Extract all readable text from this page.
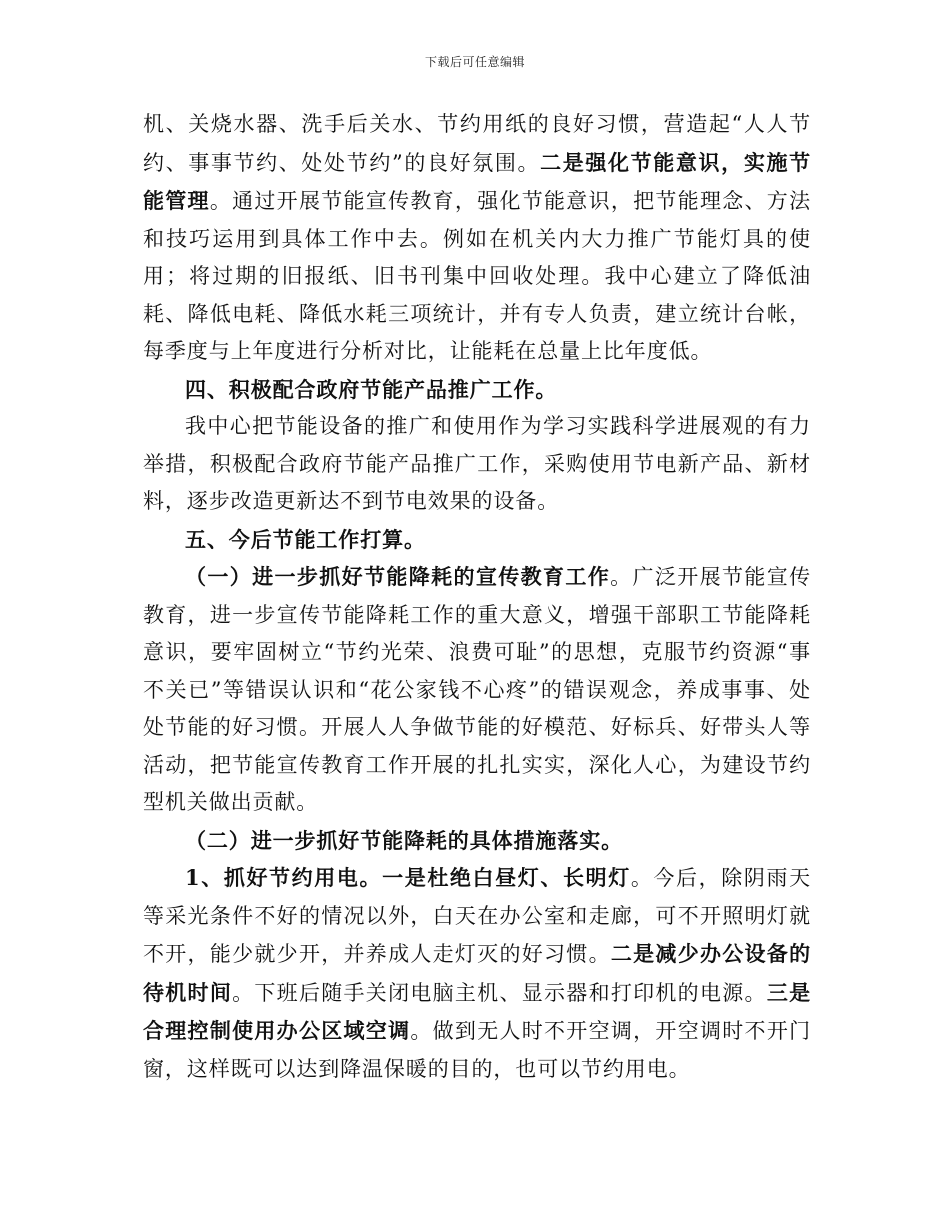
下载后可任意编辑

机、关烧水器、洗手后关水、节约用纸的良好习惯，营造起“人人节约、事事节约、处处节约”的良好氛围。二是强化节能意识，实施节能管理。通过开展节能宣传教育，强化节能意识，把节能理念、方法和技巧运用到具体工作中去。例如在机关内大力推广节能灯具的使用；将过期的旧报纸、旧书刊集中回收处理。我中心建立了降低油耗、降低电耗、降低水耗三项统计，并有专人负责，建立统计台帐，每季度与上年度进行分析对比，让能耗在总量上比年度低。

四、积极配合政府节能产品推广工作。

我中心把节能设备的推广和使用作为学习实践科学进展观的有力举措，积极配合政府节能产品推广工作，采购使用节电新产品、新材料，逐步改造更新达不到节电效果的设备。

五、今后节能工作打算。

（一）进一步抓好节能降耗的宣传教育工作。广泛开展节能宣传教育，进一步宣传节能降耗工作的重大意义，增强干部职工节能降耗意识，要牢固树立“节约光荣、浪费可耻”的思想，克服节约资源“事不关已”等错误认识和“花公家钱不心疼”的错误观念，养成事事、处处节能的好习惯。开展人人争做节能的好模范、好标兵、好带头人等活动，把节能宣传教育工作开展的扎扎实实，深化人心，为建设节约型机关做出贡献。

（二）进一步抓好节能降耗的具体措施落实。

1、抓好节约用电。一是杜绝白昼灯、长明灯。今后，除阴雨天等采光条件不好的情况以外，白天在办公室和走廊，可不开照明灯就不开，能少就少开，并养成人走灯灭的好习惯。二是减少办公设备的待机时间。下班后随手关闭电脑主机、显示器和打印机的电源。三是合理控制使用办公区域空调。做到无人时不开空调，开空调时不开门窗，这样既可以达到降温保暖的目的，也可以节约用电。
